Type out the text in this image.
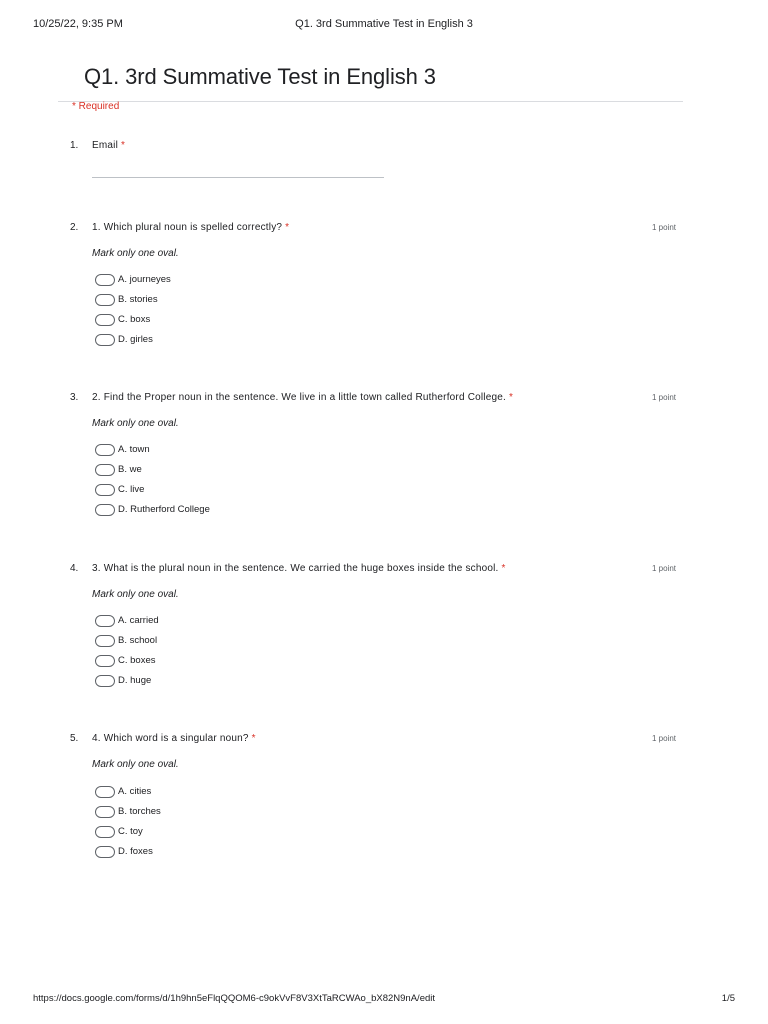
10/25/22, 9:35 PM	Q1. 3rd Summative Test in English 3
Q1. 3rd Summative Test in English 3
* Required
1. Email *
2. 1. Which plural noun is spelled correctly? *	1 point
Mark only one oval.
A. journeyes
B. stories
C. boxs
D. girles
3. 2. Find the Proper noun in the sentence. We live in a little town called Rutherford College. *	1 point
Mark only one oval.
A. town
B. we
C. live
D. Rutherford College
4. 3. What is the plural noun in the sentence. We carried the huge boxes inside the school. *	1 point
Mark only one oval.
A. carried
B. school
C. boxes
D. huge
5. 4. Which word is a singular noun? *	1 point
Mark only one oval.
A. cities
B. torches
C. toy
D. foxes
https://docs.google.com/forms/d/1h9hn5eFlqQQOM6-c9okVvF8V3XtTaRCWAo_bX82N9nA/edit	1/5
